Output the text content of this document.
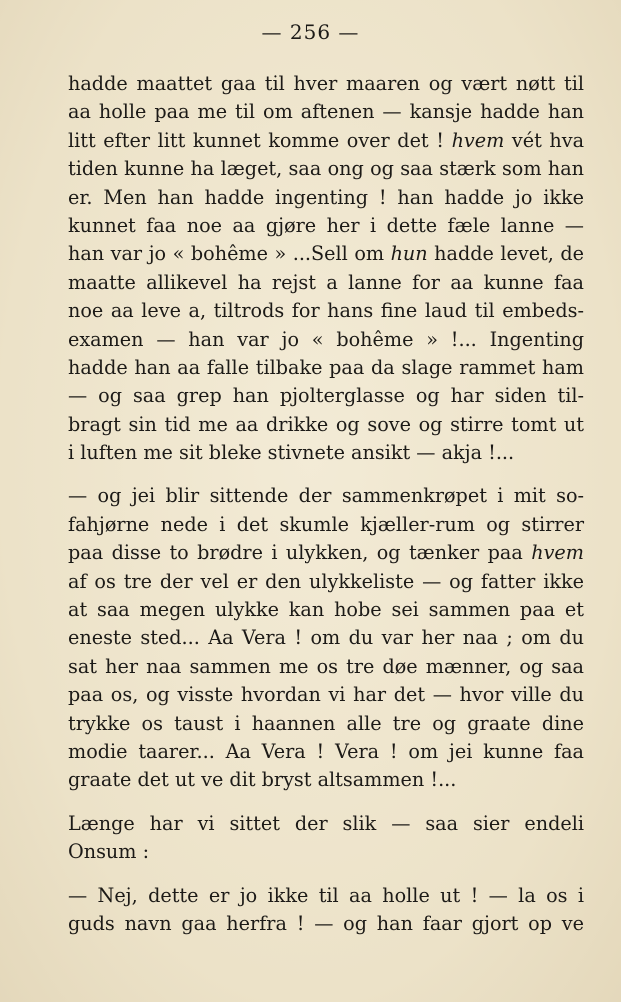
— 256 —
hadde maattet gaa til hver maaren og vært nøtt til
aa holle paa me til om aftenen — kansje hadde han
litt efter litt kunnet komme over det ! hvem vét hva
tiden kunne ha læget, saa ong og saa stærk som han
er. Men han hadde ingenting ! han hadde jo ikke
kunnet faa noe aa gjøre her i dette fæle lanne —
han var jo « bohême » ...Sell om hun hadde levet, de
maatte allikevel ha rejst a lanne for aa kunne faa
noe aa leve a, tiltrods for hans fine laud til embeds-
examen — han var jo « bohême » !... Ingenting
hadde han aa falle tilbake paa da slage rammet ham
— og saa grep han pjolterglasse og har siden til-
bragt sin tid me aa drikke og sove og stirre tomt ut
i luften me sit bleke stivnete ansikt — akja !...
— og jei blir sittende der sammenkrøpet i mit so-
fahjørne nede i det skumle kjæller-rum og stirrer
paa disse to brødre i ulykken, og tænker paa hvem
af os tre der vel er den ulykkeliste — og fatter ikke
at saa megen ulykke kan hobe sei sammen paa et
eneste sted... Aa Vera ! om du var her naa ; om du
sat her naa sammen me os tre døe mænner, og saa
paa os, og visste hvordan vi har det — hvor ville du
trykke os taust i haannen alle tre og graate dine
modie taarer... Aa Vera ! Vera ! om jei kunne faa
graate det ut ve dit bryst altsammen !...
Længe har vi sittet der slik — saa sier endeli
Onsum :
— Nej, dette er jo ikke til aa holle ut ! — la os i
guds navn gaa herfra ! — og han faar gjort op ve
